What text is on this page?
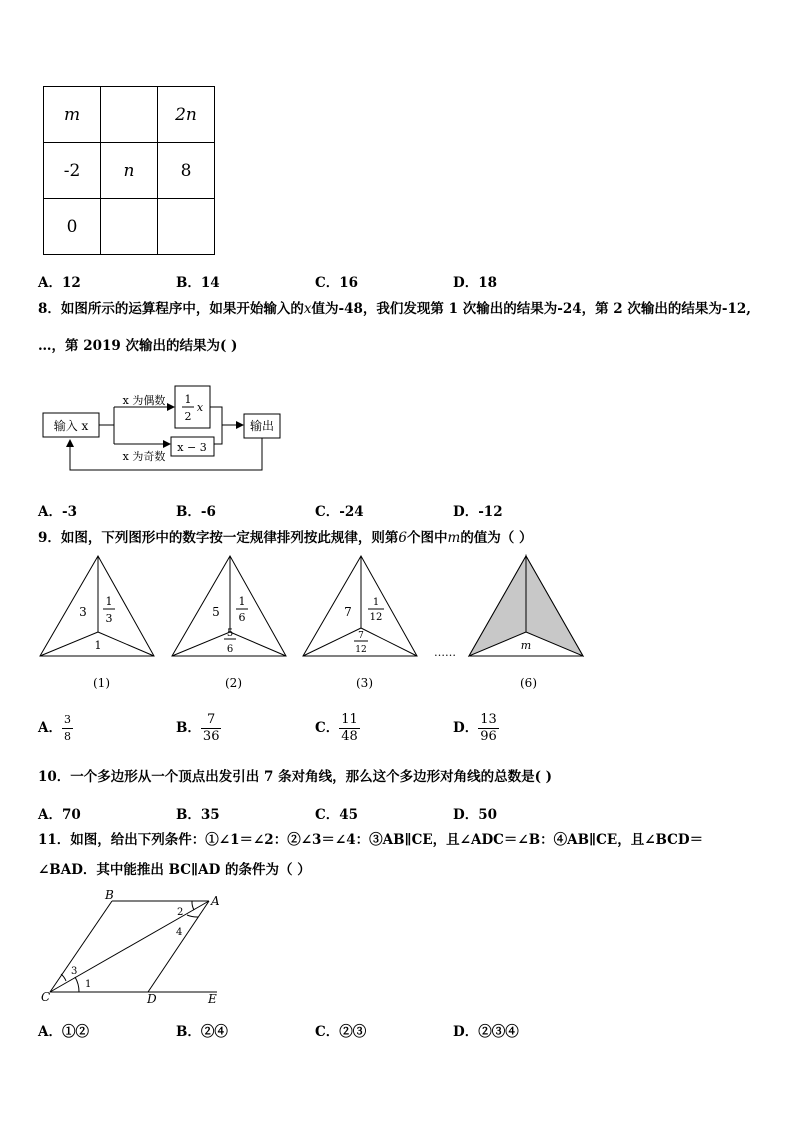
m		2n
-2	n	8
0		
A．12	B．14	C．16	D．18
8．如图所示的运算程序中，如果开始输入的x值为-48，我们发现第 1 次输出的结果为-24，第 2 次输出的结果为-12,
…，第 2019 次输出的结果为( )
输入 x
x 为偶数
x 为奇数
1
2
x
x − 3
输出
A．-3	B．-6	C．-24	D．-12
9．如图，下列图形中的数字按一定规律排列按此规律，则第6个图中m的值为（ ）
3
1
3
1
5
1
6
5
6
7
1
12
7
12	……
m
(1)	(2)	(3)	(6)
A． $\frac{3}{8}$	B． $\frac{7}{36}$	C． $\frac{11}{48}$	D． $\frac{13}{96}$
10．一个多边形从一个顶点出发引出 7 条对角线，那么这个多边形对角线的总数是( )
A．70	B．35	C．45	D．50
11．如图，给出下列条件：①∠1＝∠2：②∠3＝∠4：③AB∥CE，且∠ADC＝∠B：④AB∥CE，且∠BCD＝
∠BAD．其中能推出 BC∥AD 的条件为（ ）
B	A
C	D	E
1
3
2
4
A．①②	B．②④	C．②③	D．②③④
